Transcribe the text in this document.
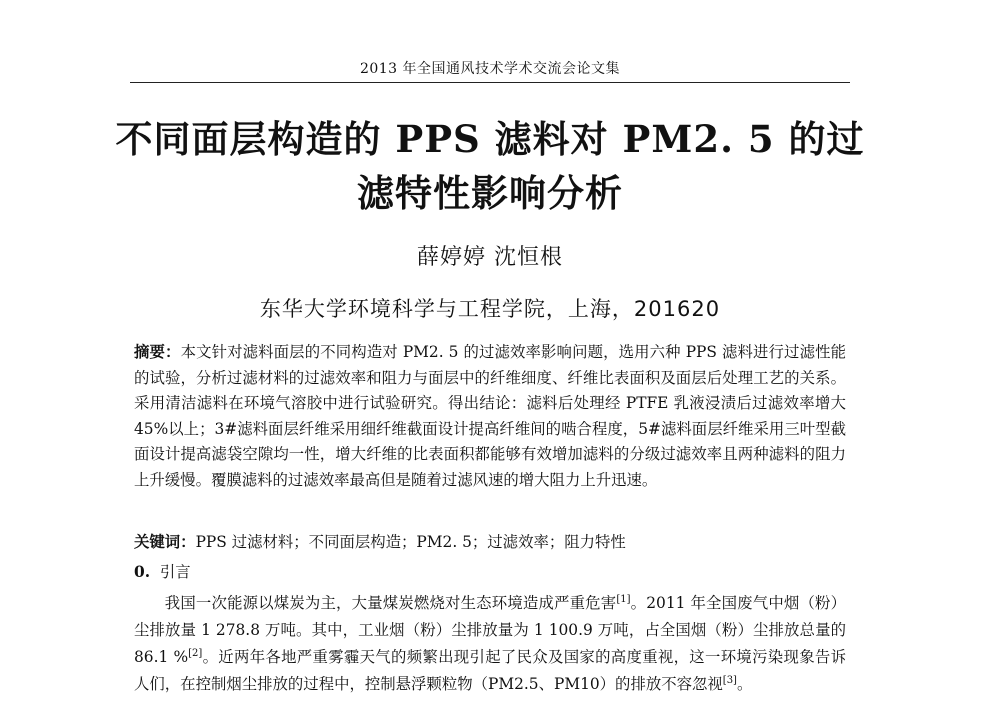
2013 年全国通风技术学术交流会论文集
不同面层构造的 PPS 滤料对 PM2. 5 的过滤特性影响分析
薛婷婷 沈恒根
东华大学环境科学与工程学院，上海，201620
摘要：本文针对滤料面层的不同构造对 PM2. 5 的过滤效率影响问题，选用六种 PPS 滤料进行过滤性能的试验，分析过滤材料的过滤效率和阻力与面层中的纤维细度、纤维比表面积及面层后处理工艺的关系。采用清洁滤料在环境气溶胶中进行试验研究。得出结论：滤料后处理经 PTFE 乳液浸渍后过滤效率增大 45%以上；3#滤料面层纤维采用细纤维截面设计提高纤维间的啮合程度，5#滤料面层纤维采用三叶型截面设计提高滤袋空隙均一性，增大纤维的比表面积都能够有效增加滤料的分级过滤效率且两种滤料的阻力上升缓慢。覆膜滤料的过滤效率最高但是随着过滤风速的增大阻力上升迅速。
关键词：PPS 过滤材料；不同面层构造；PM2. 5；过滤效率；阻力特性
0. 引言
我国一次能源以煤炭为主，大量煤炭燃烧对生态环境造成严重危害[1]。2011 年全国废气中烟（粉）尘排放量 1 278.8 万吨。其中，工业烟（粉）尘排放量为 1 100.9 万吨，占全国烟（粉）尘排放总量的 86.1 %[2]。近两年各地严重雾霾天气的频繁出现引起了民众及国家的高度重视，这一环境污染现象告诉人们，在控制烟尘排放的过程中，控制悬浮颗粒物（PM2.5、PM10）的排放不容忽视[3]。
